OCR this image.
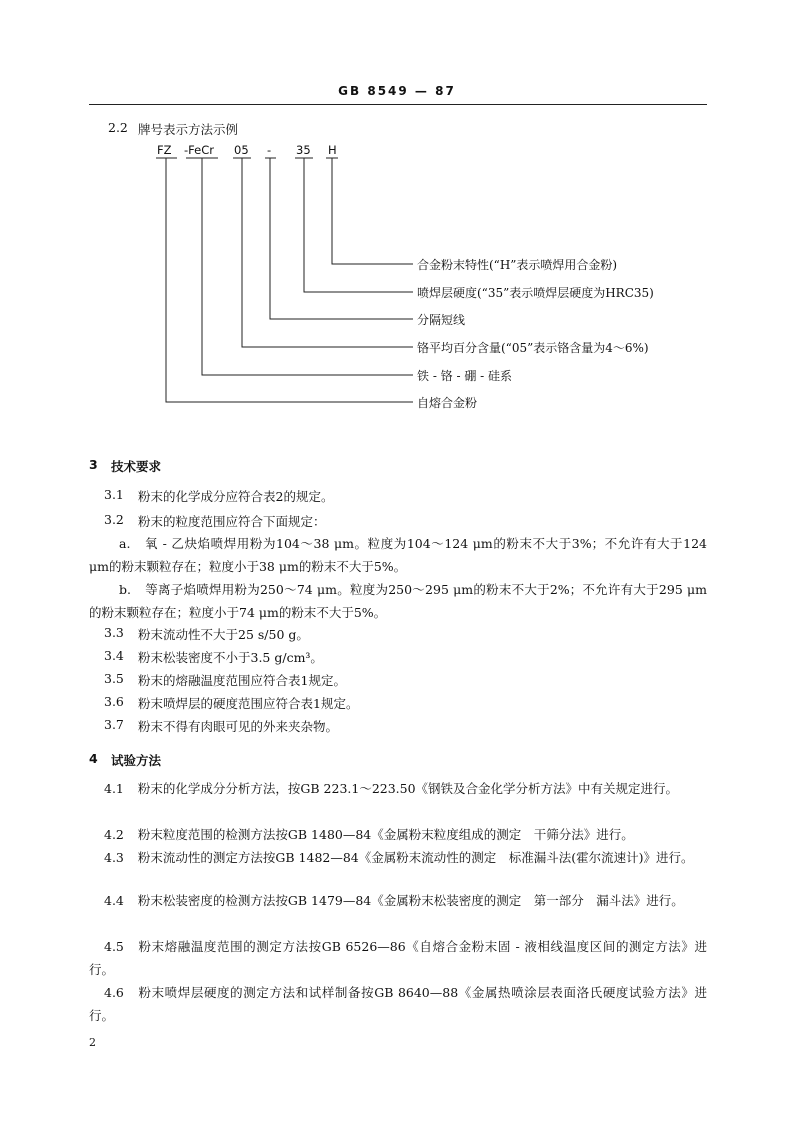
GB 8549 — 87
2.2 牌号表示方法示例
FZ -FeCr 05 - 35 H
合金粉末特性(“H”表示喷焊用合金粉)
喷焊层硬度(“35”表示喷焊层硬度为HRC35)
分隔短线
铬平均百分含量(“05”表示铬含量为4～6%)
铁 - 铬 - 硼 - 硅系
自熔合金粉
3 技术要求
3.1 粉末的化学成分应符合表2的规定。
3.2 粉末的粒度范围应符合下面规定：
a. 氧 - 乙炔焰喷焊用粉为104～38 μm。粒度为104～124 μm的粉末不大于3%；不允许有大于124 μm的粉末颗粒存在；粒度小于38 μm的粉末不大于5%。
b. 等离子焰喷焊用粉为250～74 μm。粒度为250～295 μm的粉末不大于2%；不允许有大于295 μm的粉末颗粒存在；粒度小于74 μm的粉末不大于5%。
3.3 粉末流动性不大于25 s/50 g。
3.4 粉末松装密度不小于3.5 g/cm³。
3.5 粉末的熔融温度范围应符合表1规定。
3.6 粉末喷焊层的硬度范围应符合表1规定。
3.7 粉末不得有肉眼可见的外来夹杂物。
4 试验方法
4.1 粉末的化学成分分析方法，按GB 223.1～223.50《钢铁及合金化学分析方法》中有关规定进行。
4.2 粉末粒度范围的检测方法按GB 1480—84《金属粉末粒度组成的测定　干筛分法》进行。
4.3 粉末流动性的测定方法按GB 1482—84《金属粉末流动性的测定　标准漏斗法(霍尔流速计)》进行。
4.4 粉末松装密度的检测方法按GB 1479—84《金属粉末松装密度的测定　第一部分　漏斗法》进行。
4.5 粉末熔融温度范围的测定方法按GB 6526—86《自熔合金粉末固 - 液相线温度区间的测定方法》进行。
4.6 粉末喷焊层硬度的测定方法和试样制备按GB 8640—88《金属热喷涂层表面洛氏硬度试验方法》进行。
2
